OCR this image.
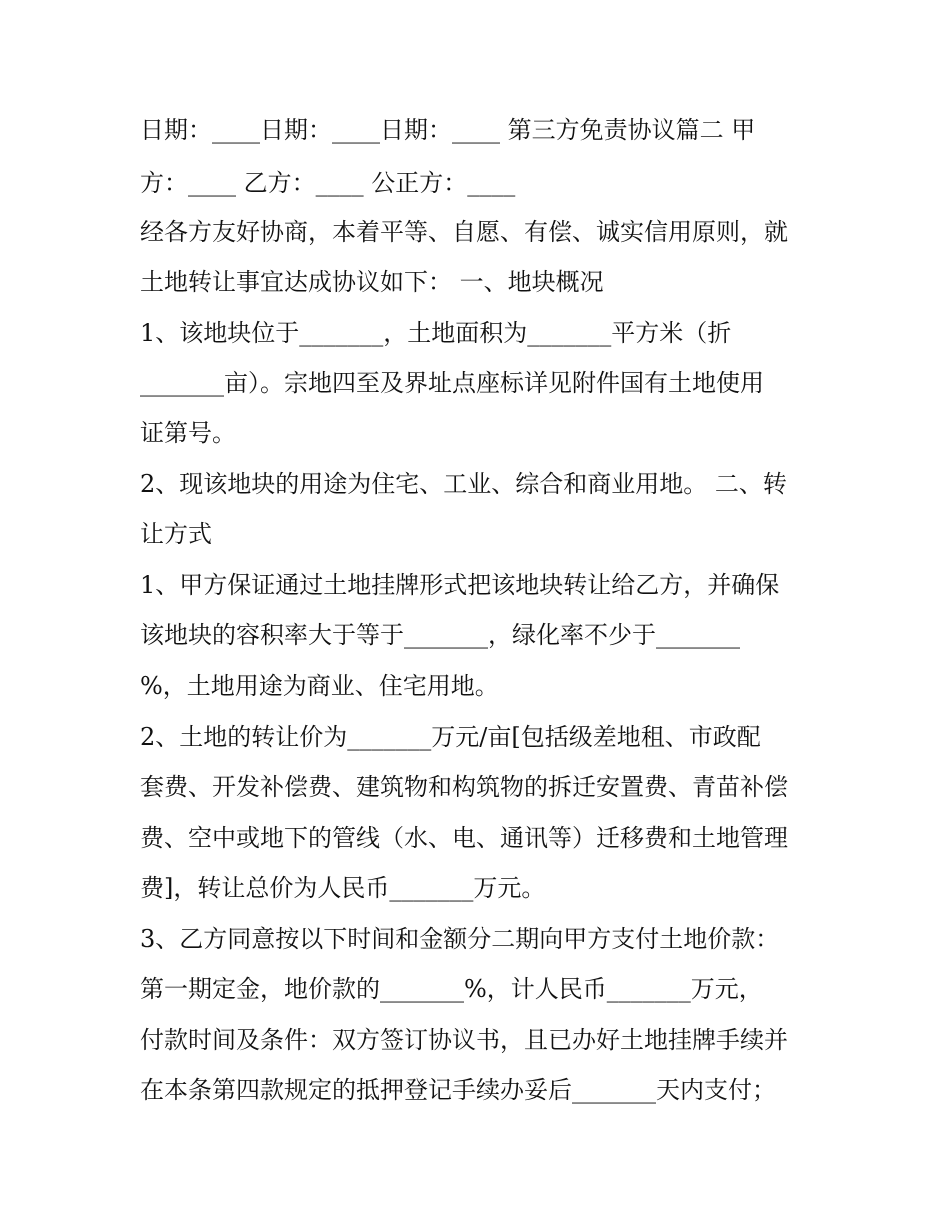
日期：____日期：____日期：____ 第三方免责协议篇二 甲

方：____ 乙方：____ 公正方：____

经各方友好协商，本着平等、自愿、有偿、诚实信用原则，就

土地转让事宜达成协议如下： 一、地块概况

1、该地块位于_______，土地面积为_______平方米（折

_______亩）。宗地四至及界址点座标详见附件国有土地使用

证第号。

2、现该地块的用途为住宅、工业、综合和商业用地。 二、转

让方式

1、甲方保证通过土地挂牌形式把该地块转让给乙方，并确保

该地块的容积率大于等于_______，绿化率不少于_______

%，土地用途为商业、住宅用地。

2、土地的转让价为_______万元/亩[包括级差地租、市政配

套费、开发补偿费、建筑物和构筑物的拆迁安置费、青苗补偿

费、空中或地下的管线（水、电、通讯等）迁移费和土地管理

费]，转让总价为人民币_______万元。

3、乙方同意按以下时间和金额分二期向甲方支付土地价款：

第一期定金，地价款的_______%，计人民币_______万元，

付款时间及条件：双方签订协议书，且已办好土地挂牌手续并

在本条第四款规定的抵押登记手续办妥后_______天内支付；
